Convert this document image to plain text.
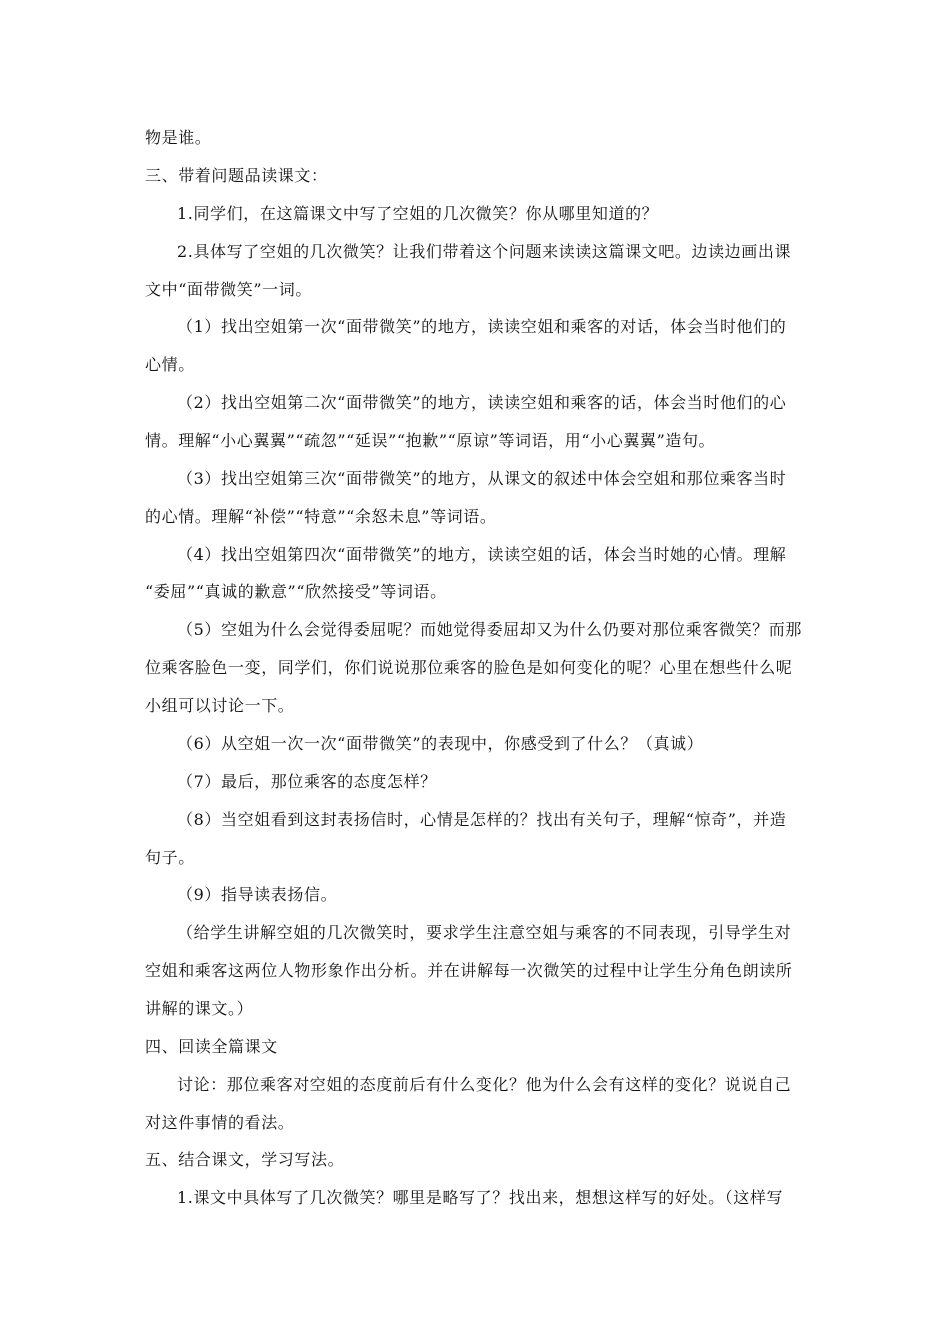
物是谁。
三、带着问题品读课文：
1.同学们，在这篇课文中写了空姐的几次微笑？你从哪里知道的？
2.具体写了空姐的几次微笑？让我们带着这个问题来读读这篇课文吧。边读边画出课
文中“面带微笑”一词。
（1）找出空姐第一次“面带微笑”的地方，读读空姐和乘客的对话，体会当时他们的
心情。
（2）找出空姐第二次“面带微笑”的地方，读读空姐和乘客的话，体会当时他们的心
情。理解“小心翼翼”“疏忽”“延误”“抱歉”“原谅”等词语，用“小心翼翼”造句。
（3）找出空姐第三次“面带微笑”的地方，从课文的叙述中体会空姐和那位乘客当时
的心情。理解“补偿”“特意”“余怒未息”等词语。
（4）找出空姐第四次“面带微笑”的地方，读读空姐的话，体会当时她的心情。理解
“委屈”“真诚的歉意”“欣然接受”等词语。
（5）空姐为什么会觉得委屈呢？而她觉得委屈却又为什么仍要对那位乘客微笑？而那
位乘客脸色一变，同学们，你们说说那位乘客的脸色是如何变化的呢？心里在想些什么呢
小组可以讨论一下。
（6）从空姐一次一次“面带微笑”的表现中，你感受到了什么？（真诚）
（7）最后，那位乘客的态度怎样？
（8）当空姐看到这封表扬信时，心情是怎样的？找出有关句子，理解“惊奇”，并造
句子。
（9）指导读表扬信。
（给学生讲解空姐的几次微笑时，要求学生注意空姐与乘客的不同表现，引导学生对
空姐和乘客这两位人物形象作出分析。并在讲解每一次微笑的过程中让学生分角色朗读所
讲解的课文。）
四、回读全篇课文
讨论：那位乘客对空姐的态度前后有什么变化？他为什么会有这样的变化？说说自己
对这件事情的看法。
五、结合课文，学习写法。
1.课文中具体写了几次微笑？哪里是略写了？找出来，想想这样写的好处。（这样写
